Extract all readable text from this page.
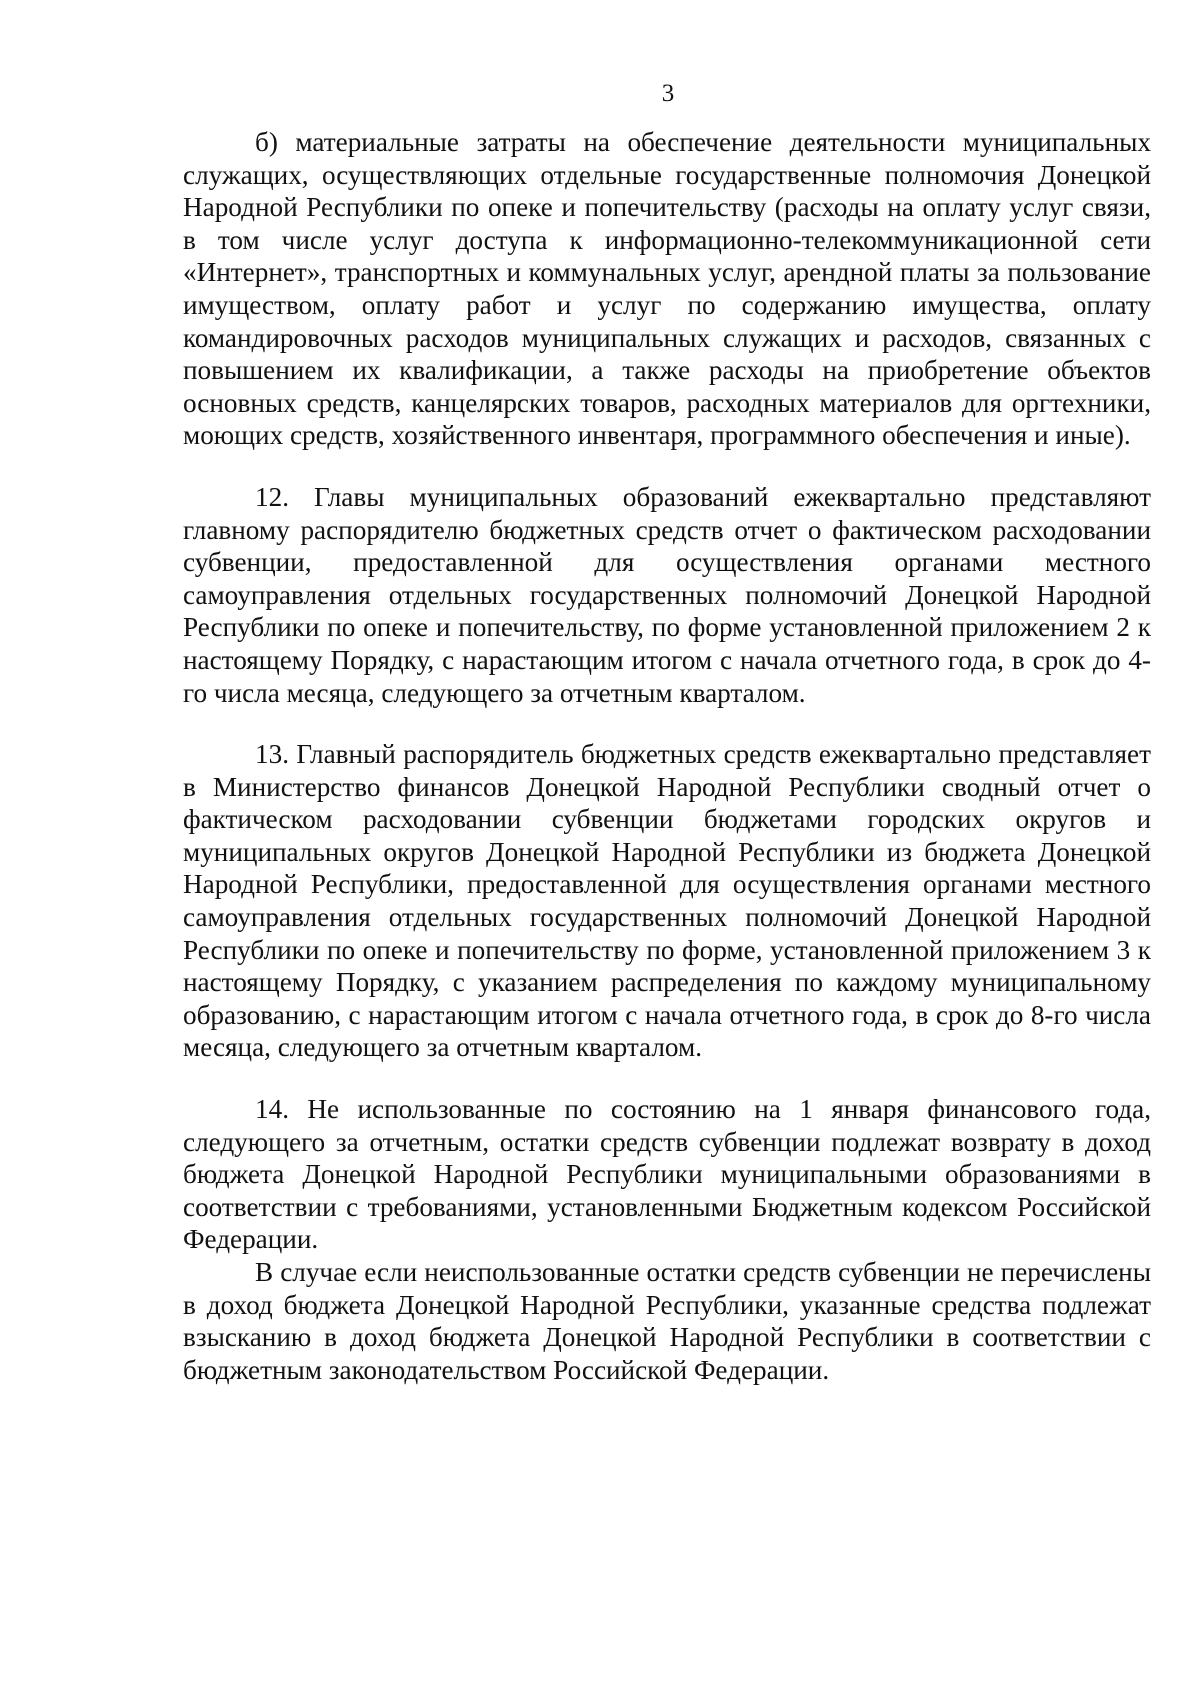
3

б) материальные затраты на обеспечение деятельности муниципальных служащих, осуществляющих отдельные государственные полномочия Донецкой Народной Республики по опеке и попечительству (расходы на оплату услуг связи, в том числе услуг доступа к информационно-телекоммуникационной сети «Интернет», транспортных и коммунальных услуг, арендной платы за пользование имуществом, оплату работ и услуг по содержанию имущества, оплату командировочных расходов муниципальных служащих и расходов, связанных с повышением их квалификации, а также расходы на приобретение объектов основных средств, канцелярских товаров, расходных материалов для оргтехники, моющих средств, хозяйственного инвентаря, программного обеспечения и иные).

12. Главы муниципальных образований ежеквартально представляют главному распорядителю бюджетных средств отчет о фактическом расходовании субвенции, предоставленной для осуществления органами местного самоуправления отдельных государственных полномочий Донецкой Народной Республики по опеке и попечительству, по форме установленной приложением 2 к настоящему Порядку, с нарастающим итогом с начала отчетного года, в срок до 4-го числа месяца, следующего за отчетным кварталом.

13. Главный распорядитель бюджетных средств ежеквартально представляет в Министерство финансов Донецкой Народной Республики сводный отчет о фактическом расходовании субвенции бюджетами городских округов и муниципальных округов Донецкой Народной Республики из бюджета Донецкой Народной Республики, предоставленной для осуществления органами местного самоуправления отдельных государственных полномочий Донецкой Народной Республики по опеке и попечительству по форме, установленной приложением 3 к настоящему Порядку, с указанием распределения по каждому муниципальному образованию, с нарастающим итогом с начала отчетного года, в срок до 8-го числа месяца, следующего за отчетным кварталом.

14. Не использованные по состоянию на 1 января финансового года, следующего за отчетным, остатки средств субвенции подлежат возврату в доход бюджета Донецкой Народной Республики муниципальными образованиями в соответствии с требованиями, установленными Бюджетным кодексом Российской Федерации.

В случае если неиспользованные остатки средств субвенции не перечислены в доход бюджета Донецкой Народной Республики, указанные средства подлежат взысканию в доход бюджета Донецкой Народной Республики в соответствии с бюджетным законодательством Российской Федерации.
